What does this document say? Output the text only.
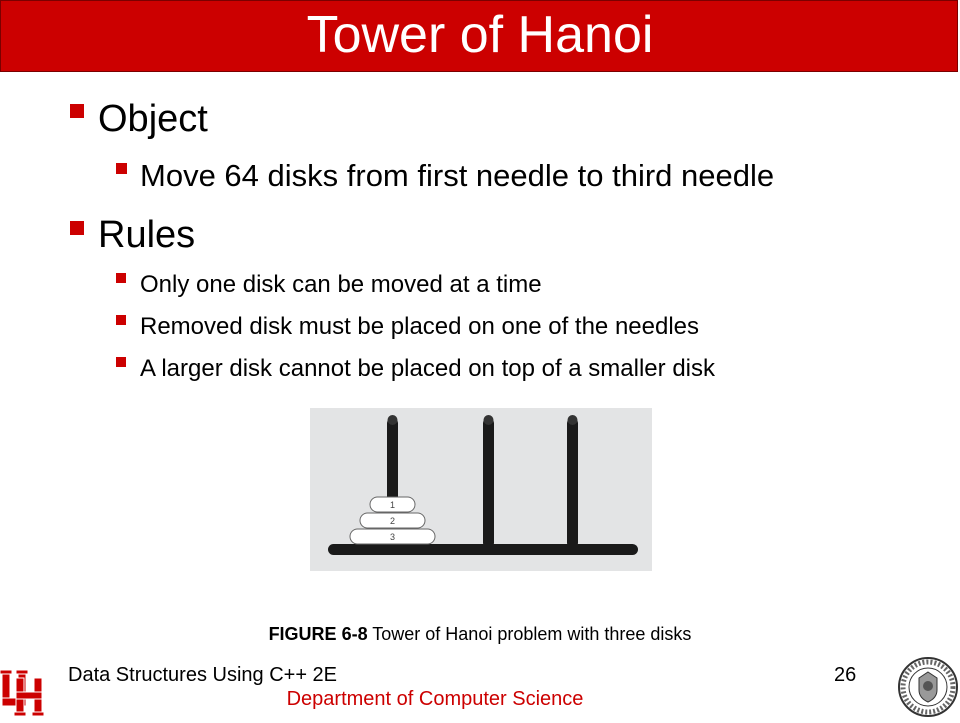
Tower of Hanoi
Object
Move 64 disks from first needle to third needle
Rules
Only one disk can be moved at a time
Removed disk must be placed on one of the needles
A larger disk cannot be placed on top of a smaller disk
1
2
3
FIGURE 6-8 Tower of Hanoi problem with three disks
Data Structures Using C++ 2E	26
Department of Computer Science
